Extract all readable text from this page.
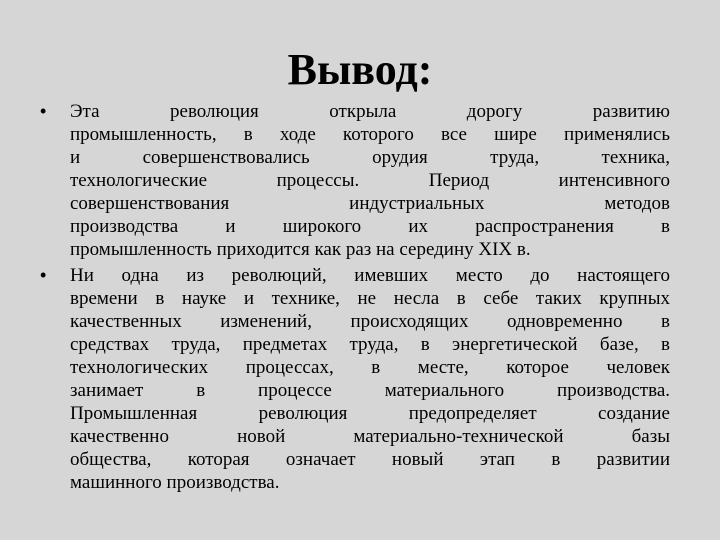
Вывод:
• Эта революция открыла дорогу развитию
промышленность, в ходе которого все шире применялись
и совершенствовались орудия труда, техника,
технологические процессы. Период интенсивного
совершенствования индустриальных методов
производства и широкого их распространения в
промышленность приходится как раз на середину XIX в.
• Ни одна из революций, имевших место до настоящего
времени в науке и технике, не несла в себе таких крупных
качественных изменений, происходящих одновременно в
средствах труда, предметах труда, в энергетической базе, в
технологических процессах, в месте, которое человек
занимает в процессе материального производства.
Промышленная революция предопределяет создание
качественно новой материально-технической базы
общества, которая означает новый этап в развитии
машинного производства.
